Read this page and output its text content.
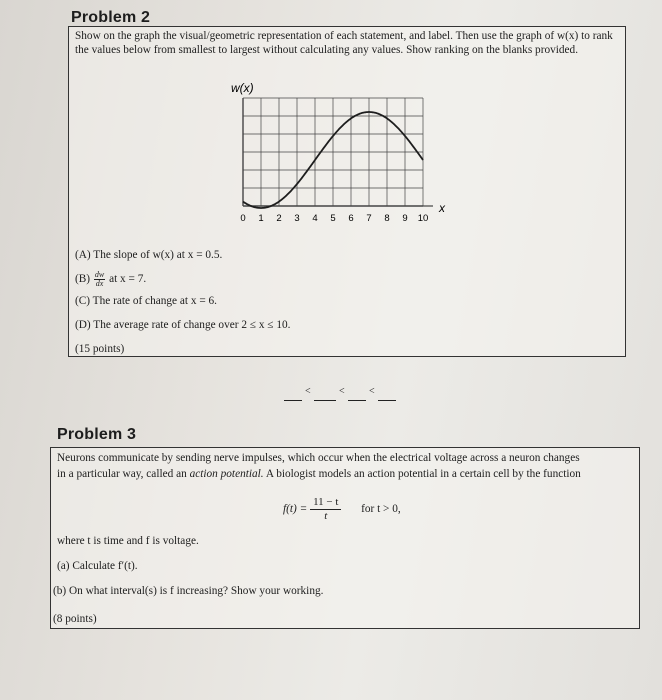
Problem 2
Show on the graph the visual/geometric representation of each statement, and label. Then use the graph of w(x) to rank the values below from smallest to largest without calculating any values. Show ranking on the blanks provided.
w(x)
x
0 1 2 3 4 5 6 7 8 9 10
(A) The slope of w(x) at x = 0.5.
$(B) \frac{dw}{dx}$ at x = 7.
(C) The rate of change at x = 6.
(D) The average rate of change over 2 ≤ x ≤ 10.
(15 points)
<	< <
Problem 3
Neurons communicate by sending nerve impulses, which occur when the electrical voltage across a neuron changes
in a particular way, called an action potential. A biologist models an action potential in a certain cell by the function
$f(t) = \frac{11 - t}{t}$ for t > 0,
where t is time and f is voltage.
(a) Calculate f′(t).
(b) On what interval(s) is f increasing? Show your working.
(8 points)
